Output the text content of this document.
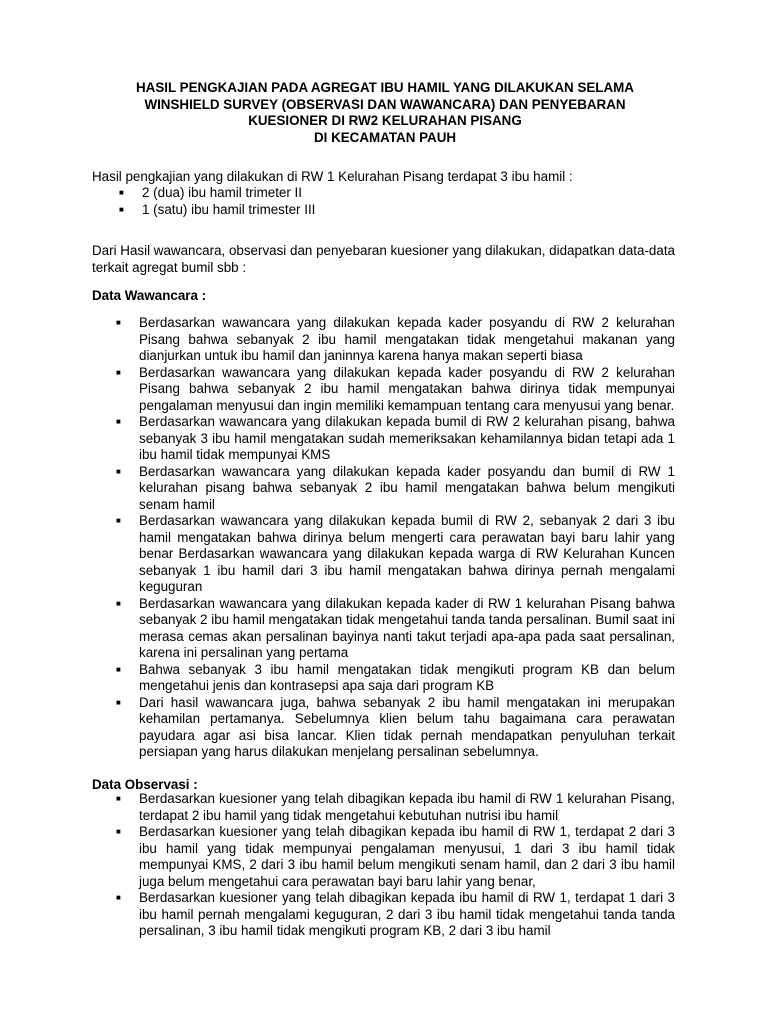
HASIL PENGKAJIAN PADA AGREGAT IBU HAMIL YANG DILAKUKAN SELAMA
WINSHIELD SURVEY (OBSERVASI DAN WAWANCARA) DAN PENYEBARAN
KUESIONER DI RW2 KELURAHAN PISANG
DI KECAMATAN PAUH
Hasil pengkajian yang dilakukan di RW 1 Kelurahan Pisang terdapat 3 ibu hamil :
■ 2 (dua) ibu hamil trimeter II
■ 1 (satu) ibu hamil trimester III
Dari Hasil wawancara, observasi dan penyebaran kuesioner yang dilakukan, didapatkan data-data terkait agregat bumil sbb :
Data Wawancara :
■ Berdasarkan wawancara yang dilakukan kepada kader posyandu di RW 2 kelurahan Pisang bahwa sebanyak 2 ibu hamil mengatakan tidak mengetahui makanan yang dianjurkan untuk ibu hamil dan janinnya karena hanya makan seperti biasa
■ Berdasarkan wawancara yang dilakukan kepada kader posyandu di RW 2 kelurahan Pisang bahwa sebanyak 2 ibu hamil mengatakan bahwa dirinya tidak mempunyai pengalaman menyusui dan ingin memiliki kemampuan tentang cara menyusui yang benar.
■ Berdasarkan wawancara yang dilakukan kepada bumil di RW 2 kelurahan pisang, bahwa sebanyak 3 ibu hamil mengatakan sudah memeriksakan kehamilannya bidan tetapi ada 1 ibu hamil tidak mempunyai KMS
■ Berdasarkan wawancara yang dilakukan kepada kader posyandu dan bumil di RW 1 kelurahan pisang bahwa sebanyak 2 ibu hamil mengatakan bahwa belum mengikuti senam hamil
■ Berdasarkan wawancara yang dilakukan kepada bumil di RW 2, sebanyak 2 dari 3 ibu hamil mengatakan bahwa dirinya belum mengerti cara perawatan bayi baru lahir yang benar Berdasarkan wawancara yang dilakukan kepada warga di RW Kelurahan Kuncen sebanyak 1 ibu hamil dari 3 ibu hamil mengatakan bahwa dirinya pernah mengalami keguguran
■ Berdasarkan wawancara yang dilakukan kepada kader di RW 1 kelurahan Pisang bahwa sebanyak 2 ibu hamil mengatakan tidak mengetahui tanda tanda persalinan. Bumil saat ini merasa cemas akan persalinan bayinya nanti takut terjadi apa-apa pada saat persalinan, karena ini persalinan yang pertama
■ Bahwa sebanyak 3 ibu hamil mengatakan tidak mengikuti program KB dan belum mengetahui jenis dan kontrasepsi apa saja dari program KB
■ Dari hasil wawancara juga, bahwa sebanyak 2 ibu hamil mengatakan ini merupakan kehamilan pertamanya. Sebelumnya klien belum tahu bagaimana cara perawatan payudara agar asi bisa lancar. Klien tidak pernah mendapatkan penyuluhan terkait persiapan yang harus dilakukan menjelang persalinan sebelumnya.
Data Observasi :
■ Berdasarkan kuesioner yang telah dibagikan kepada ibu hamil di RW 1 kelurahan Pisang, terdapat 2 ibu hamil yang tidak mengetahui kebutuhan nutrisi ibu hamil
■ Berdasarkan kuesioner yang telah dibagikan kepada ibu hamil di RW 1, terdapat 2 dari 3 ibu hamil yang tidak mempunyai pengalaman menyusui, 1 dari 3 ibu hamil tidak mempunyai KMS, 2 dari 3 ibu hamil belum mengikuti senam hamil, dan 2 dari 3 ibu hamil juga belum mengetahui cara perawatan bayi baru lahir yang benar,
■ Berdasarkan kuesioner yang telah dibagikan kepada ibu hamil di RW 1, terdapat 1 dari 3 ibu hamil pernah mengalami keguguran, 2 dari 3 ibu hamil tidak mengetahui tanda tanda persalinan, 3 ibu hamil tidak mengikuti program KB, 2 dari 3 ibu hamil
